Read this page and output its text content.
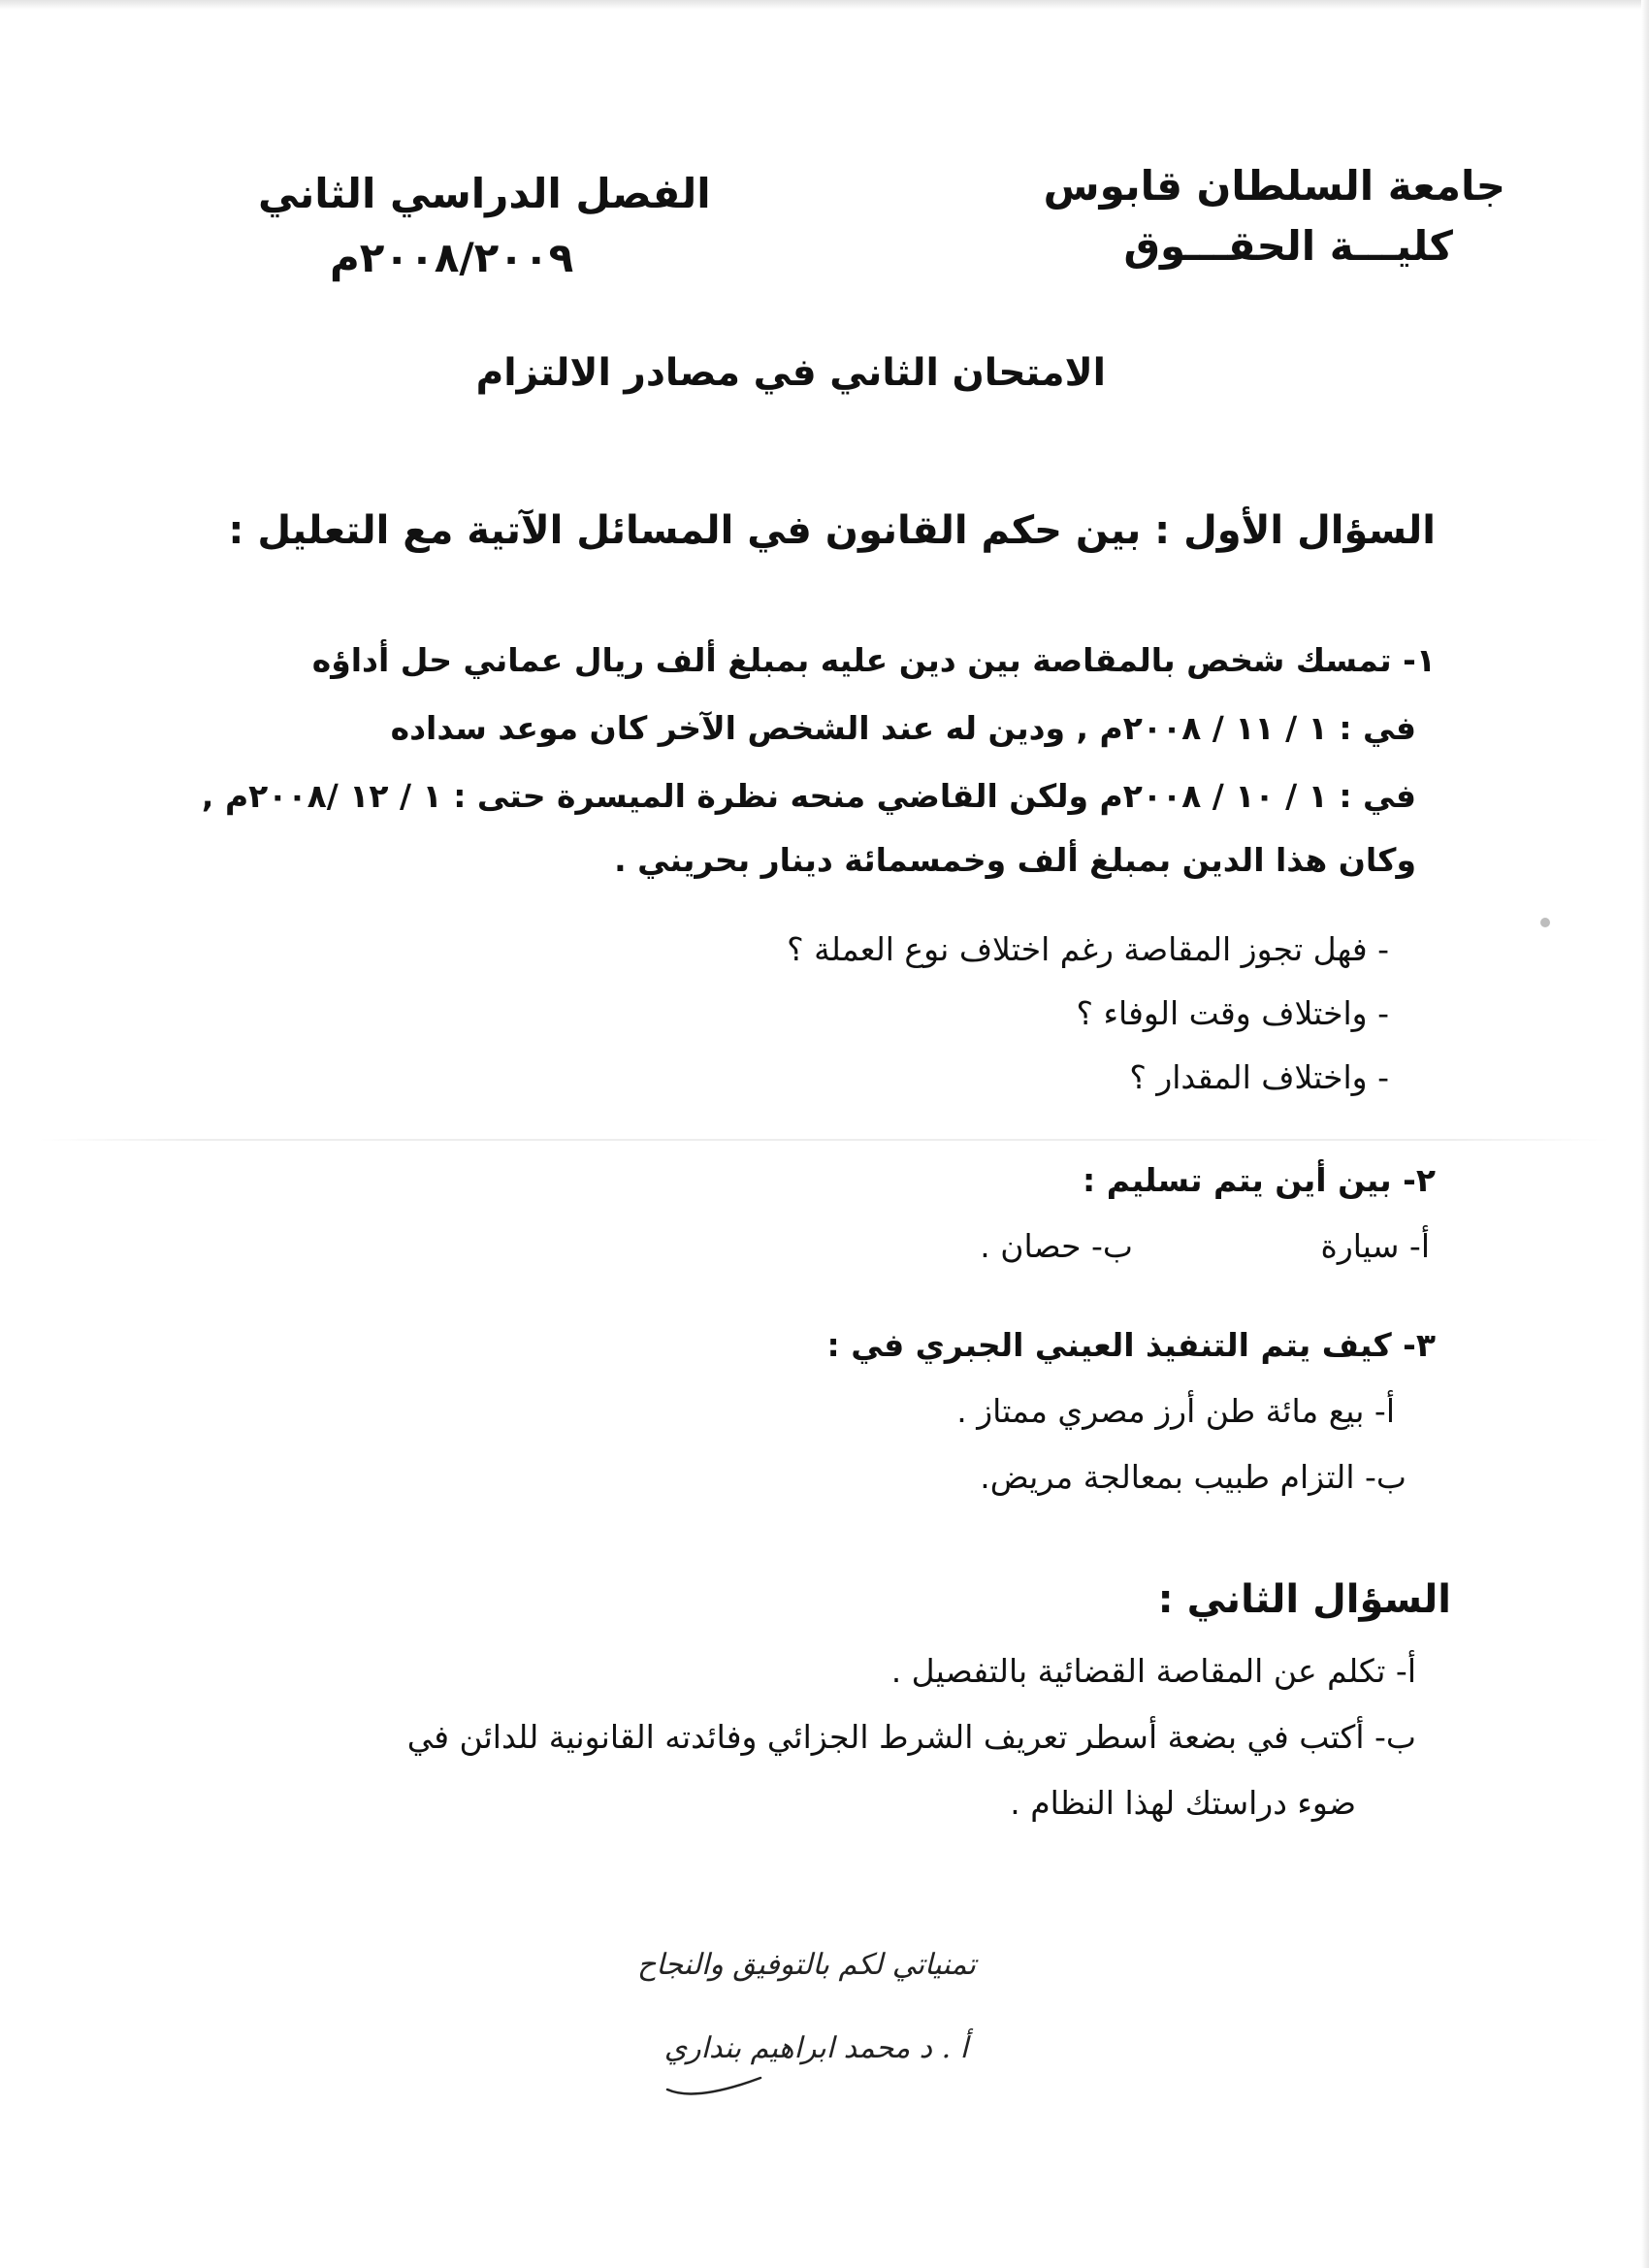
جامعة السلطان قابوس
كليـــة الحقـــوق
الفصل الدراسي الثاني
٢٠٠٨/٢٠٠٩م
الامتحان الثاني في مصادر الالتزام
السؤال الأول : بين حكم القانون في المسائل الآتية مع التعليل :
١- تمسك شخص بالمقاصة بين دين عليه بمبلغ ألف ريال عماني حل أداؤه
في : ١ / ١١ / ٢٠٠٨م , ودين له عند الشخص الآخر كان موعد سداده
في : ١ / ١٠ / ٢٠٠٨م ولكن القاضي منحه نظرة الميسرة حتى : ١ / ١٢ /٢٠٠٨م ,
وكان هذا الدين بمبلغ ألف وخمسمائة دينار بحريني .
- فهل تجوز المقاصة رغم اختلاف نوع العملة ؟
- واختلاف وقت الوفاء ؟
- واختلاف المقدار ؟
٢- بين أين يتم تسليم :
أ- سيارة
ب- حصان .
٣- كيف يتم التنفيذ العيني الجبري في :
أ- بيع مائة طن أرز مصري ممتاز .
ب- التزام طبيب بمعالجة مريض.
السؤال الثاني :
أ- تكلم عن المقاصة القضائية بالتفصيل .
ب- أكتب في بضعة أسطر تعريف الشرط الجزائي وفائدته القانونية للدائن في
ضوء دراستك لهذا النظام .
تمنياتي لكم بالتوفيق والنجاح
أ . د محمد ابراهيم بنداري
